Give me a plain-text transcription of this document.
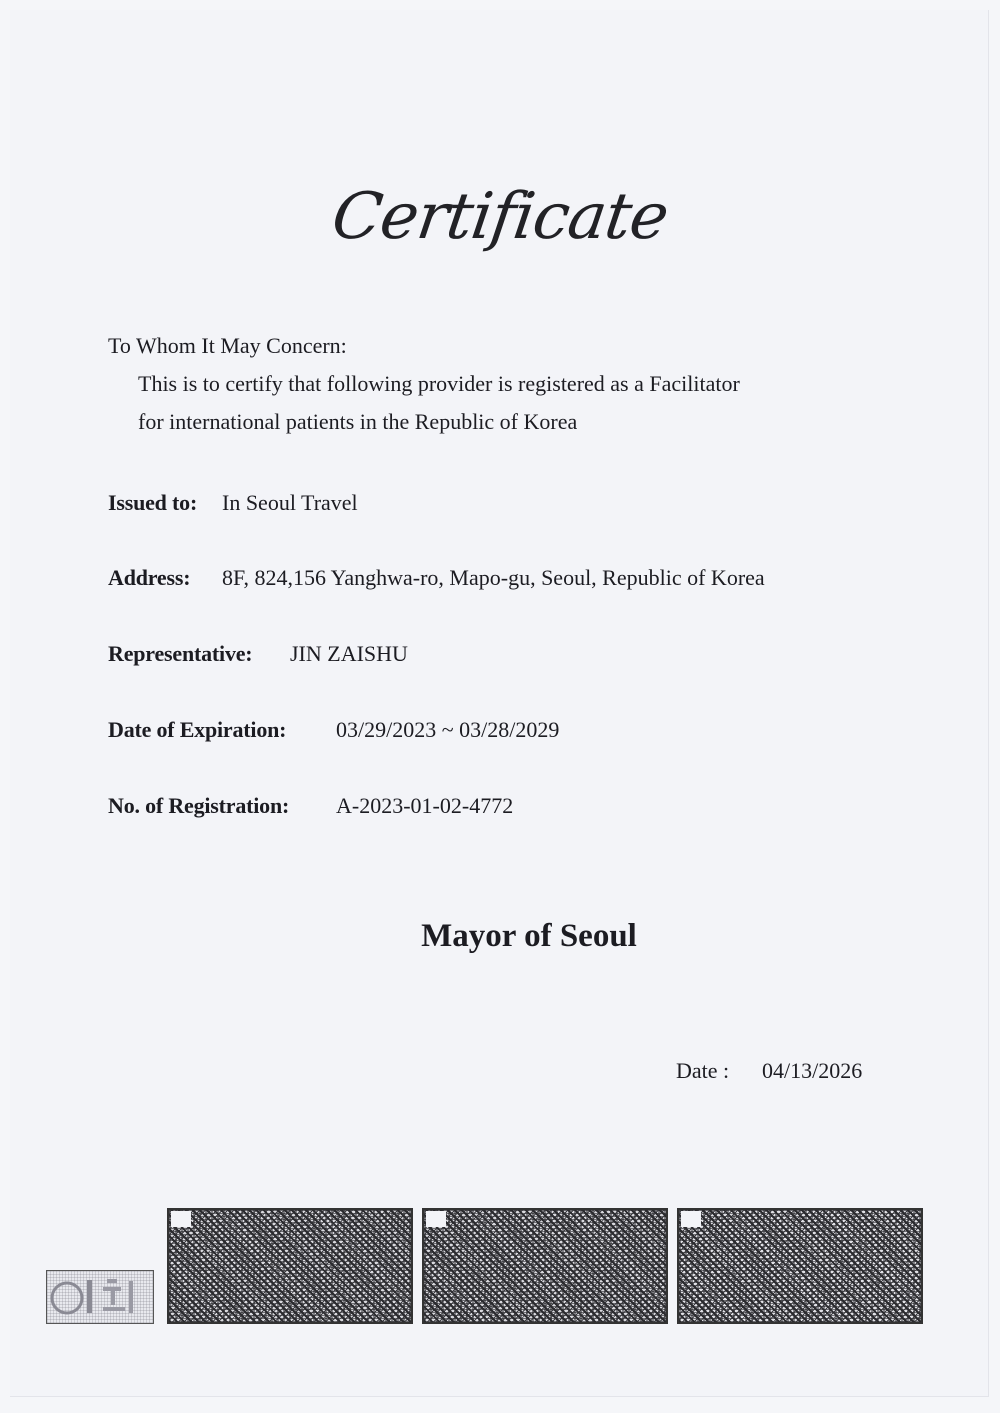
Certificate
To Whom It May Concern:
This is to certify that following provider is registered as a Facilitator
for international patients in the Republic of Korea
Issued to: In Seoul Travel
Address: 8F, 824,156 Yanghwa-ro, Mapo-gu, Seoul, Republic of Korea
Representative: JIN ZAISHU
Date of Expiration: 03/29/2023 ~ 03/28/2029
No. of Registration: A-2023-01-02-4772
Mayor of Seoul
Date : 04/13/2026
